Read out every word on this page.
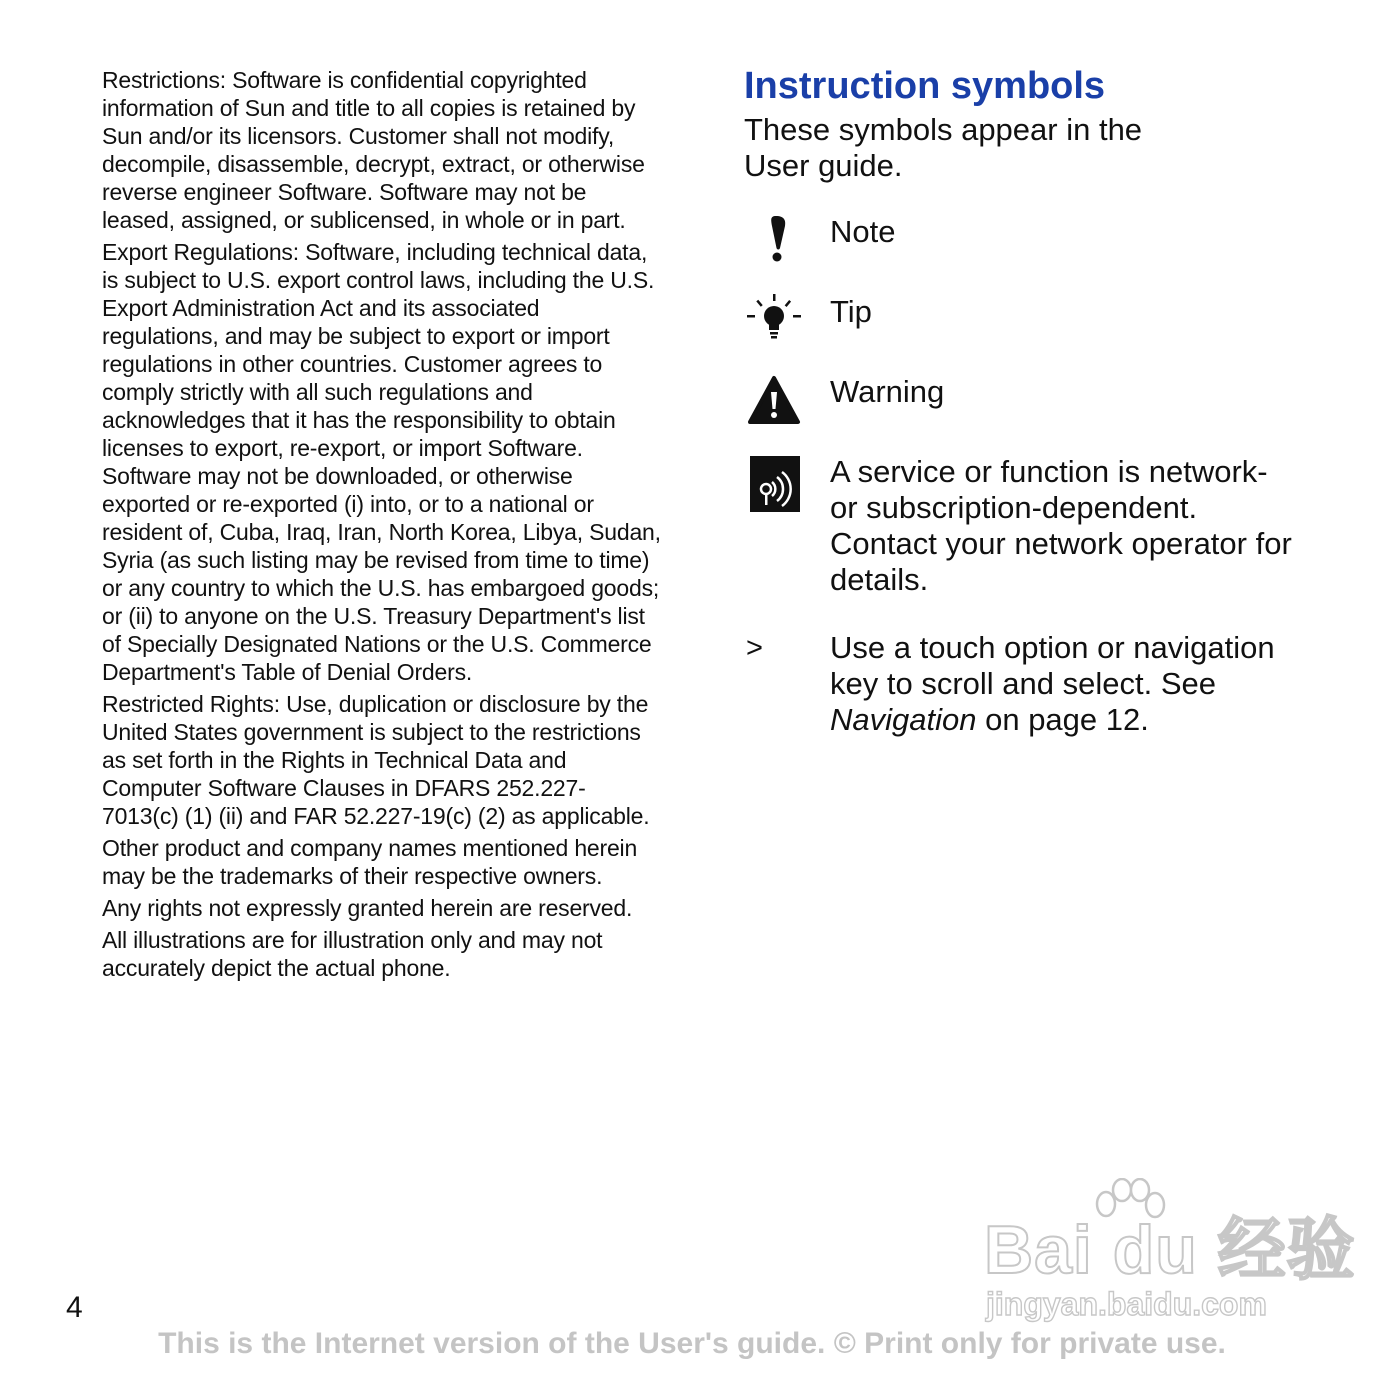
Restrictions: Software is confidential copyrighted information of Sun and title to all copies is retained by Sun and/or its licensors. Customer shall not modify, decompile, disassemble, decrypt, extract, or otherwise reverse engineer Software. Software may not be leased, assigned, or sublicensed, in whole or in part.

Export Regulations: Software, including technical data, is subject to U.S. export control laws, including the U.S. Export Administration Act and its associated regulations, and may be subject to export or import regulations in other countries. Customer agrees to comply strictly with all such regulations and acknowledges that it has the responsibility to obtain licenses to export, re-export, or import Software. Software may not be downloaded, or otherwise exported or re-exported (i) into, or to a national or resident of, Cuba, Iraq, Iran, North Korea, Libya, Sudan, Syria (as such listing may be revised from time to time) or any country to which the U.S. has embargoed goods; or (ii) to anyone on the U.S. Treasury Department's list of Specially Designated Nations or the U.S. Commerce Department's Table of Denial Orders.

Restricted Rights: Use, duplication or disclosure by the United States government is subject to the restrictions as set forth in the Rights in Technical Data and Computer Software Clauses in DFARS 252.227-7013(c) (1) (ii) and FAR 52.227-19(c) (2) as applicable.

Other product and company names mentioned herein may be the trademarks of their respective owners.

Any rights not expressly granted herein are reserved.

All illustrations are for illustration only and may not accurately depict the actual phone.

Instruction symbols

These symbols appear in the User guide.

Note
Tip
Warning
A service or function is network- or subscription-dependent. Contact your network operator for details.
>	Use a touch option or navigation key to scroll and select. See Navigation on page 12.
4
Bai du 经验
jingyan.baidu.com
This is the Internet version of the User's guide. © Print only for private use.
